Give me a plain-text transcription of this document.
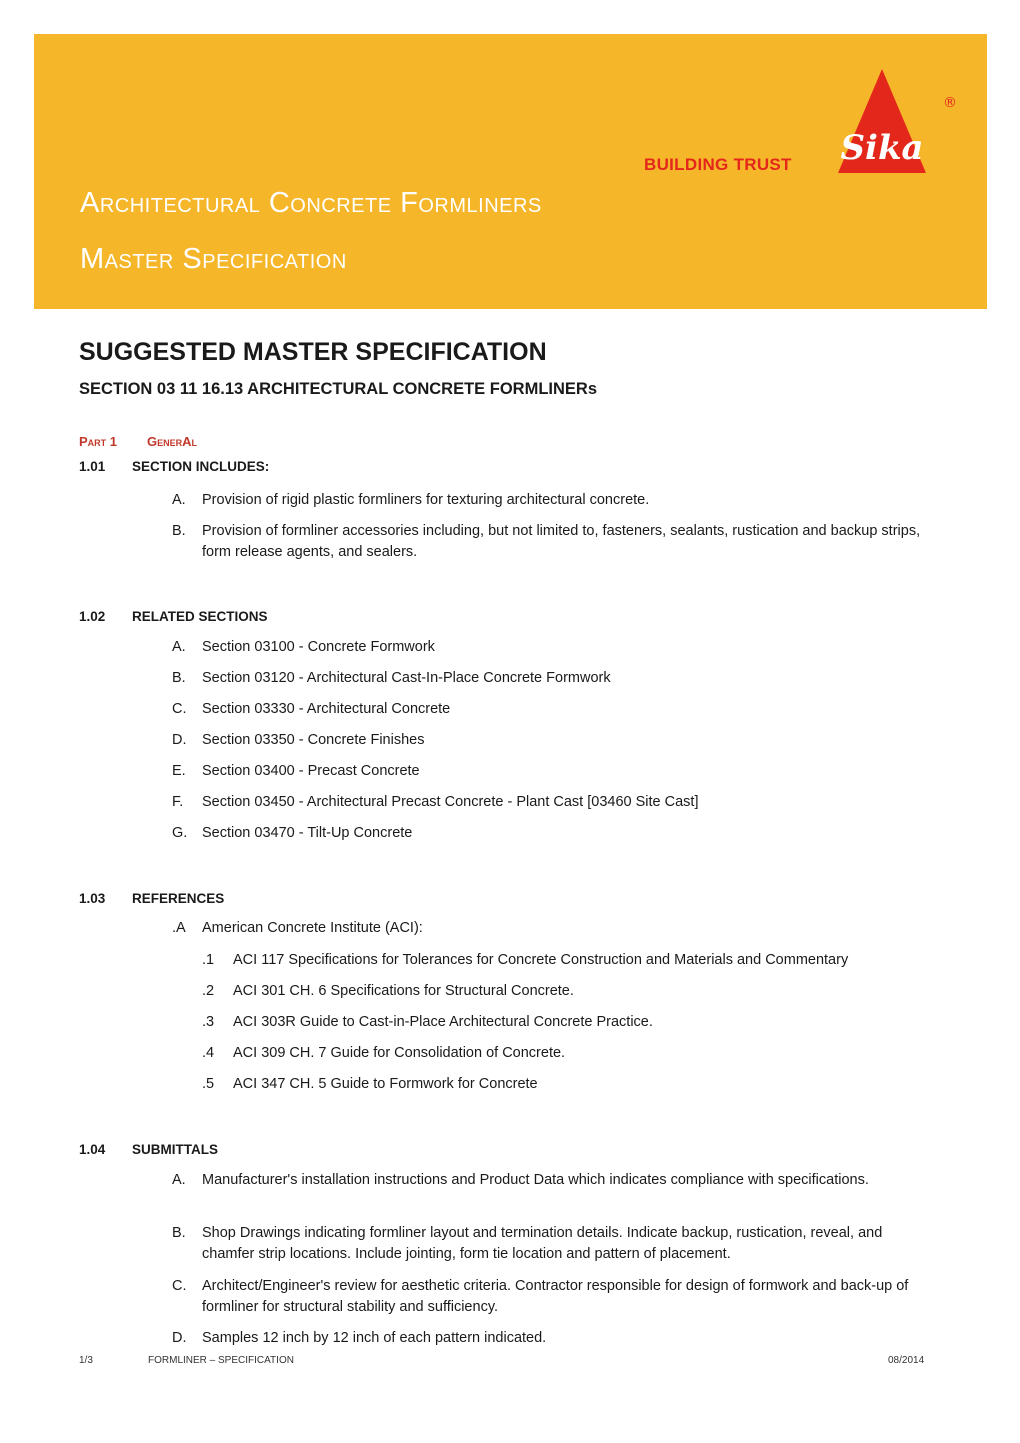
Architectural Concrete Formliners
Master Specification
BUILDING TRUST Sika
®
SUGGESTED MASTER SPECIFICATION
SECTION 03 11 16.13 ARCHITECTURAL CONCRETE FORMLINERs
Part 1 GenerAl
1.01 SECTION INCLUDES:
A. Provision of rigid plastic formliners for texturing architectural concrete.
B. Provision of formliner accessories including, but not limited to, fasteners, sealants, rustication and backup strips, form release agents, and sealers.
1.02 RELATED SECTIONS
A. Section 03100 - Concrete Formwork
B. Section 03120 - Architectural Cast-In-Place Concrete Formwork
C. Section 03330 - Architectural Concrete
D. Section 03350 - Concrete Finishes
E. Section 03400 - Precast Concrete
F. Section 03450 - Architectural Precast Concrete - Plant Cast [03460 Site Cast]
G. Section 03470 - Tilt-Up Concrete
1.03 REFERENCES
.A American Concrete Institute (ACI):
.1 ACI 117 Specifications for Tolerances for Concrete Construction and Materials and Commentary
.2 ACI 301 CH. 6 Specifications for Structural Concrete.
.3 ACI 303R Guide to Cast-in-Place Architectural Concrete Practice.
.4 ACI 309 CH. 7 Guide for Consolidation of Concrete.
.5 ACI 347 CH. 5 Guide to Formwork for Concrete
1.04 SUBMITTALS
A. Manufacturer's installation instructions and Product Data which indicates compliance with specifications.
B. Shop Drawings indicating formliner layout and termination details. Indicate backup, rustication, reveal, and chamfer strip locations. Include jointing, form tie location and pattern of placement.
C. Architect/Engineer's review for aesthetic criteria. Contractor responsible for design of formwork and back-up of formliner for structural stability and sufficiency.
D. Samples 12 inch by 12 inch of each pattern indicated.
1/3	FORMLINER – SPECIFICATION	08/2014
